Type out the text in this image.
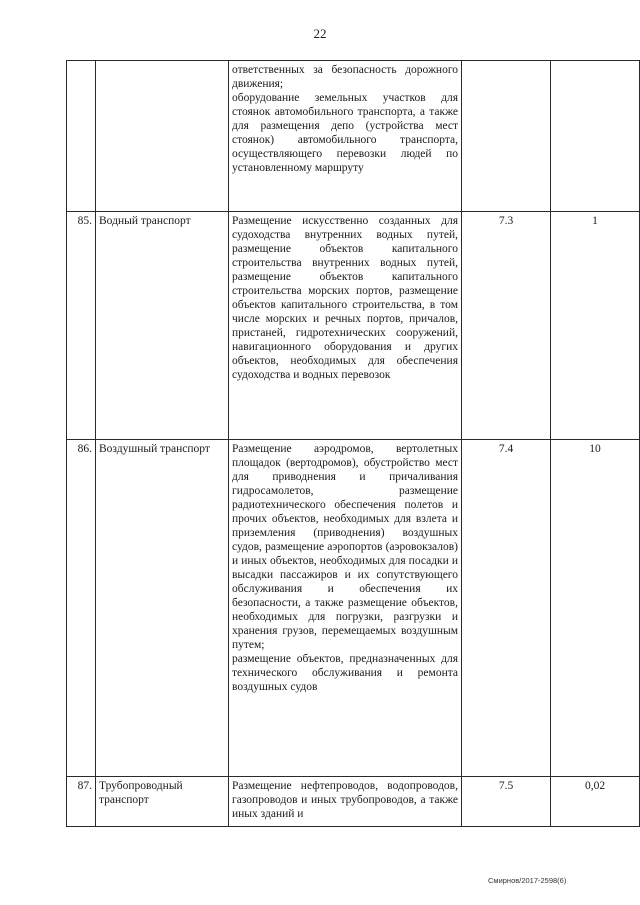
22

		ответственных за безопасность дорожного движения;
оборудование земельных участков для стоянок автомобильного транспорта, а также для размещения депо (устройства мест стоянок) автомобильного транспорта, осуществляющего перевозки людей по установленному маршруту		

85.	Водный транспорт	Размещение искусственно созданных для судоходства внутренних водных путей, размещение объектов капитального строительства внутренних водных путей, размещение объектов капитального строительства морских портов, размещение объектов капитального строительства, в том числе морских и речных портов, причалов, пристаней, гидротехнических сооружений, навигационного оборудования и других объектов, необходимых для обеспечения судоходства и водных перевозок	7.3	1
86.	Воздушный транспорт	Размещение аэродромов, вертолетных площадок (вертодромов), обустройство мест для приводнения и причаливания гидросамолетов, размещение радиотехнического обеспечения полетов и прочих объектов, необходимых для взлета и приземления (приводнения) воздушных судов, размещение аэропортов (аэровокзалов) и иных объектов, необходимых для посадки и высадки пассажиров и их сопутствующего обслуживания и обеспечения их безопасности, а также размещение объектов, необходимых для погрузки, разгрузки и хранения грузов, перемещаемых воздушным путем;
размещение объектов, предназначенных для технического обслуживания и ремонта воздушных судов	7.4	10
87.	Трубопроводный транспорт	Размещение нефтепроводов, водопроводов, газопроводов и иных трубопроводов, а также иных зданий и	7.5	0,02
Смирнов/2017-2598(6)
